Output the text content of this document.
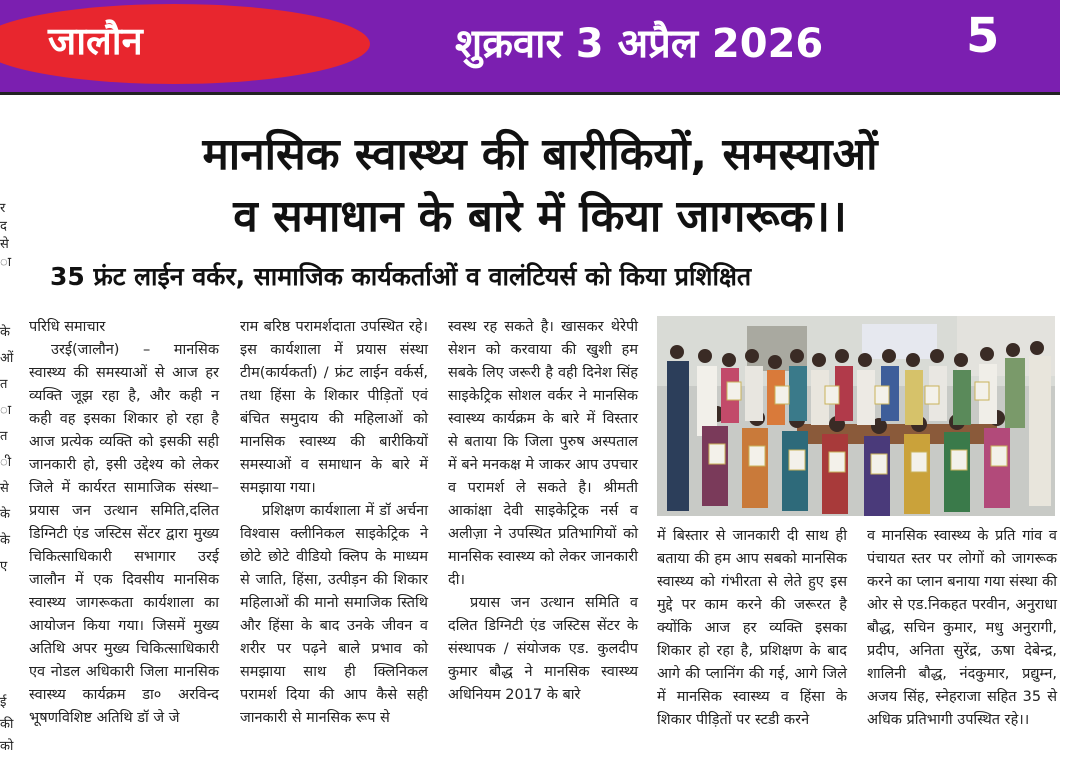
जालौन	शुक्रवार 3 अप्रैल 2026	5
मानसिक स्वास्थ्य की बारीकियों, समस्याओं
व समाधान के बारे में किया जागरूक।।
35 फ्रंट लाईन वर्कर, सामाजिक कार्यकर्ताओं व वालंटियर्स को किया प्रशिक्षित
र
द
से
ा
के
ओं
त
ा
त
ी
से
के
के
ए
ई
की
को

परिधि समाचार

उरई(जालौन) – मानसिक स्वास्थ्य की समस्याओं से आज हर व्यक्ति जूझ रहा है, और कही न कही वह इसका शिकार हो रहा है आज प्रत्येक व्यक्ति को इसकी सही जानकारी हो, इसी उद्देश्य को लेकर जिले में कार्यरत सामाजिक संस्था–प्रयास जन उत्थान समिति,दलित डिग्निटी एंड जस्टिस सेंटर द्वारा मुख्य चिकित्साधिकारी सभागार उरई जालौन में एक दिवसीय मानसिक स्वास्थ्य जागरूकता कार्यशाला का आयोजन किया गया। जिसमें मुख्य अतिथि अपर मुख्य चिकित्साधिकारी एव नोडल अधिकारी जिला मानसिक स्वास्थ्य कार्यक्रम डा० अरविन्द भूषणविशिष्ट अतिथि डॉ जे जे

राम बरिष्ठ परामर्शदाता उपस्थित रहे। इस कार्यशाला में प्रयास संस्था टीम(कार्यकर्ता) / फ्रंट लाईन वर्कर्स, तथा हिंसा के शिकार पीड़ितों एवं बंचित समुदाय की महिलाओं को मानसिक स्वास्थ्य की बारीकियों समस्याओं व समाधान के बारे में समझाया गया।

प्रशिक्षण कार्यशाला में डॉ अर्चना विश्वास क्लीनिकल साइकेट्रिक ने छोटे छोटे वीडियो क्लिप के माध्यम से जाति, हिंसा, उत्पीड़न की शिकार महिलाओं की मानो समाजिक स्तिथि और हिंसा के बाद उनके जीवन व शरीर पर पढ़ने बाले प्रभाव को समझाया साथ ही क्लिनिकल परामर्श दिया की आप कैसे सही जानकारी से मानसिक रूप से

स्वस्थ रह सकते है। खासकर थेरेपी सेशन को करवाया की खुशी हम सबके लिए जरूरी है वही दिनेश सिंह साइकेट्रिक सोशल वर्कर ने मानसिक स्वास्थ्य कार्यक्रम के बारे में विस्तार से बताया कि जिला पुरुष अस्पताल में बने मनकक्ष मे जाकर आप उपचार व परामर्श ले सकते है। श्रीमती आकांक्षा देवी साइकेट्रिक नर्स व अलीज़ा ने उपस्थित प्रतिभागियों को मानसिक स्वास्थ्य को लेकर जानकारी दी।

प्रयास जन उत्थान समिति व दलित डिग्निटी एंड जस्टिस सेंटर के संस्थापक / संयोजक एड. कुलदीप कुमार बौद्ध ने मानसिक स्वास्थ्य अधिनियम 2017 के बारे

में बिस्तार से जानकारी दी साथ ही बताया की हम आप सबको मानसिक स्वास्थ्य को गंभीरता से लेते हुए इस मुद्दे पर काम करने की जरूरत है क्योंकि आज हर व्यक्ति इसका शिकार हो रहा है, प्रशिक्षण के बाद आगे की प्लानिंग की गई, आगे जिले में मानसिक स्वास्थ्य व हिंसा के शिकार पीड़ितों पर स्टडी करने

व मानसिक स्वास्थ्य के प्रति गांव व पंचायत स्तर पर लोगों को जागरूक करने का प्लान बनाया गया संस्था की ओर से एड.निकहत परवीन, अनुराधा बौद्ध, सचिन कुमार, मधु अनुरागी, प्रदीप, अनिता सुरेंद्र, ऊषा देबेन्द्र, शालिनी बौद्ध, नंदकुमार, प्रद्युम्न, अजय सिंह, स्नेहराजा सहित 35 से अधिक प्रतिभागी उपस्थित रहे।।
